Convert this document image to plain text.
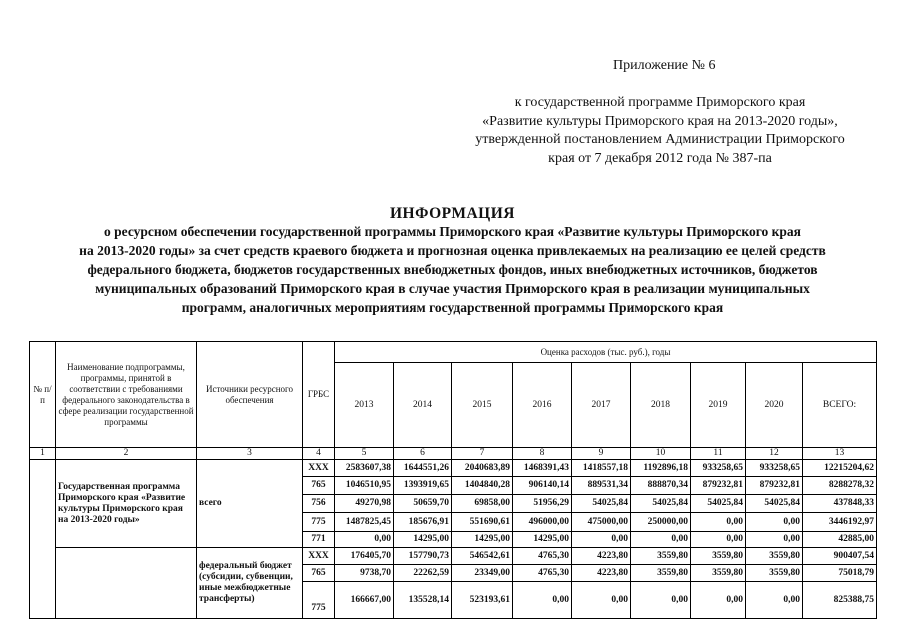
Приложение № 6
к государственной программе Приморского края
«Развитие культуры Приморского края на 2013-2020 годы»,
утвержденной постановлением Администрации Приморского
края от 7 декабря 2012 года № 387-па
ИНФОРМАЦИЯ
о ресурсном обеспечении государственной программы Приморского края «Развитие культуры Приморского края
на 2013-2020 годы» за счет средств краевого бюджета и прогнозная оценка привлекаемых на реализацию ее целей средств
федерального бюджета, бюджетов государственных внебюджетных фондов, иных внебюджетных источников, бюджетов
муниципальных образований Приморского края в случае участия Приморского края в реализации муниципальных
программ, аналогичных мероприятиям государственной программы Приморского края
-
№ п/п	Наименование подпрограммы, программы, принятой в соответствии с требованиями федерального законодательства в сфере реализации государственной программы	Источники ресурсного обеспечения	ГРБС	Оценка расходов (тыс. руб.), годы								
				2013	2014	2015	2016	2017	2018	2019	2020	ВСЕГО:
1	2	3	4	5	6	7	8	9	10	11	12	13
	Государственная программа Приморского края «Развитие культуры Приморского края на 2013-2020 годы»	всего	XXX	2583607,38	1644551,26	2040683,89	1468391,43	1418557,18	1192896,18	933258,65	933258,65	12215204,62
			765	1046510,95	1393919,65	1404840,28	906140,14	889531,34	888870,34	879232,81	879232,81	8288278,32
			756	49270,98	50659,70	69858,00	51956,29	54025,84	54025,84	54025,84	54025,84	437848,33
			775	1487825,45	185676,91	551690,61	496000,00	475000,00	250000,00	0,00	0,00	3446192,97
			771	0,00	14295,00	14295,00	14295,00	0,00	0,00	0,00	0,00	42885,00
		федеральный бюджет (субсидии, субвенции, иные межбюджетные трансферты)	XXX	176405,70	157790,73	546542,61	4765,30	4223,80	3559,80	3559,80	3559,80	900407,54
			765	9738,70	22262,59	23349,00	4765,30	4223,80	3559,80	3559,80	3559,80	75018,79
			775	166667,00	135528,14	523193,61	0,00	0,00	0,00	0,00	0,00	825388,75
